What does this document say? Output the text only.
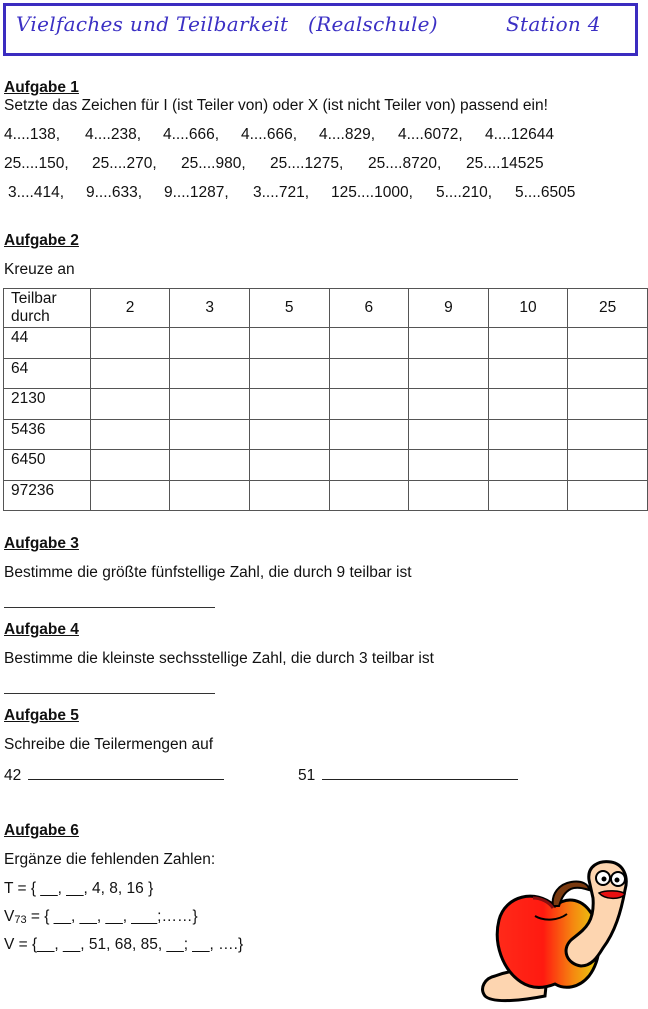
Vielfaches und Teilbarkeit (Realschule)	Station 4
Aufgabe 1
Setzte das Zeichen für I (ist Teiler von) oder X (ist nicht Teiler von) passend ein!
4....138, 4....238, 4....666, 4....666, 4....829, 4....6072, 4....12644
25....150, 25....270, 25....980, 25....1275, 25....8720, 25....14525
3....414, 9....633, 9....1287, 3....721, 125....1000, 5....210, 5....6505
Aufgabe 2
Kreuze an
Teilbar
durch	2	3	5	6	9	10	25
44							
64							
2130							
5436							
6450							
97236							
Aufgabe 3
Bestimme die größte fünfstellige Zahl, die durch 9 teilbar ist
Aufgabe 4
Bestimme die kleinste sechsstellige Zahl, die durch 3 teilbar ist
Aufgabe 5
Schreibe die Teilermengen auf
42	51
Aufgabe 6
Ergänze die fehlenden Zahlen:
T = { __, __, 4, 8, 16 }
$V_{73}$ = { __, __, __, ___;……}
V = {__, __, 51, 68, 85, __; __, ….}
